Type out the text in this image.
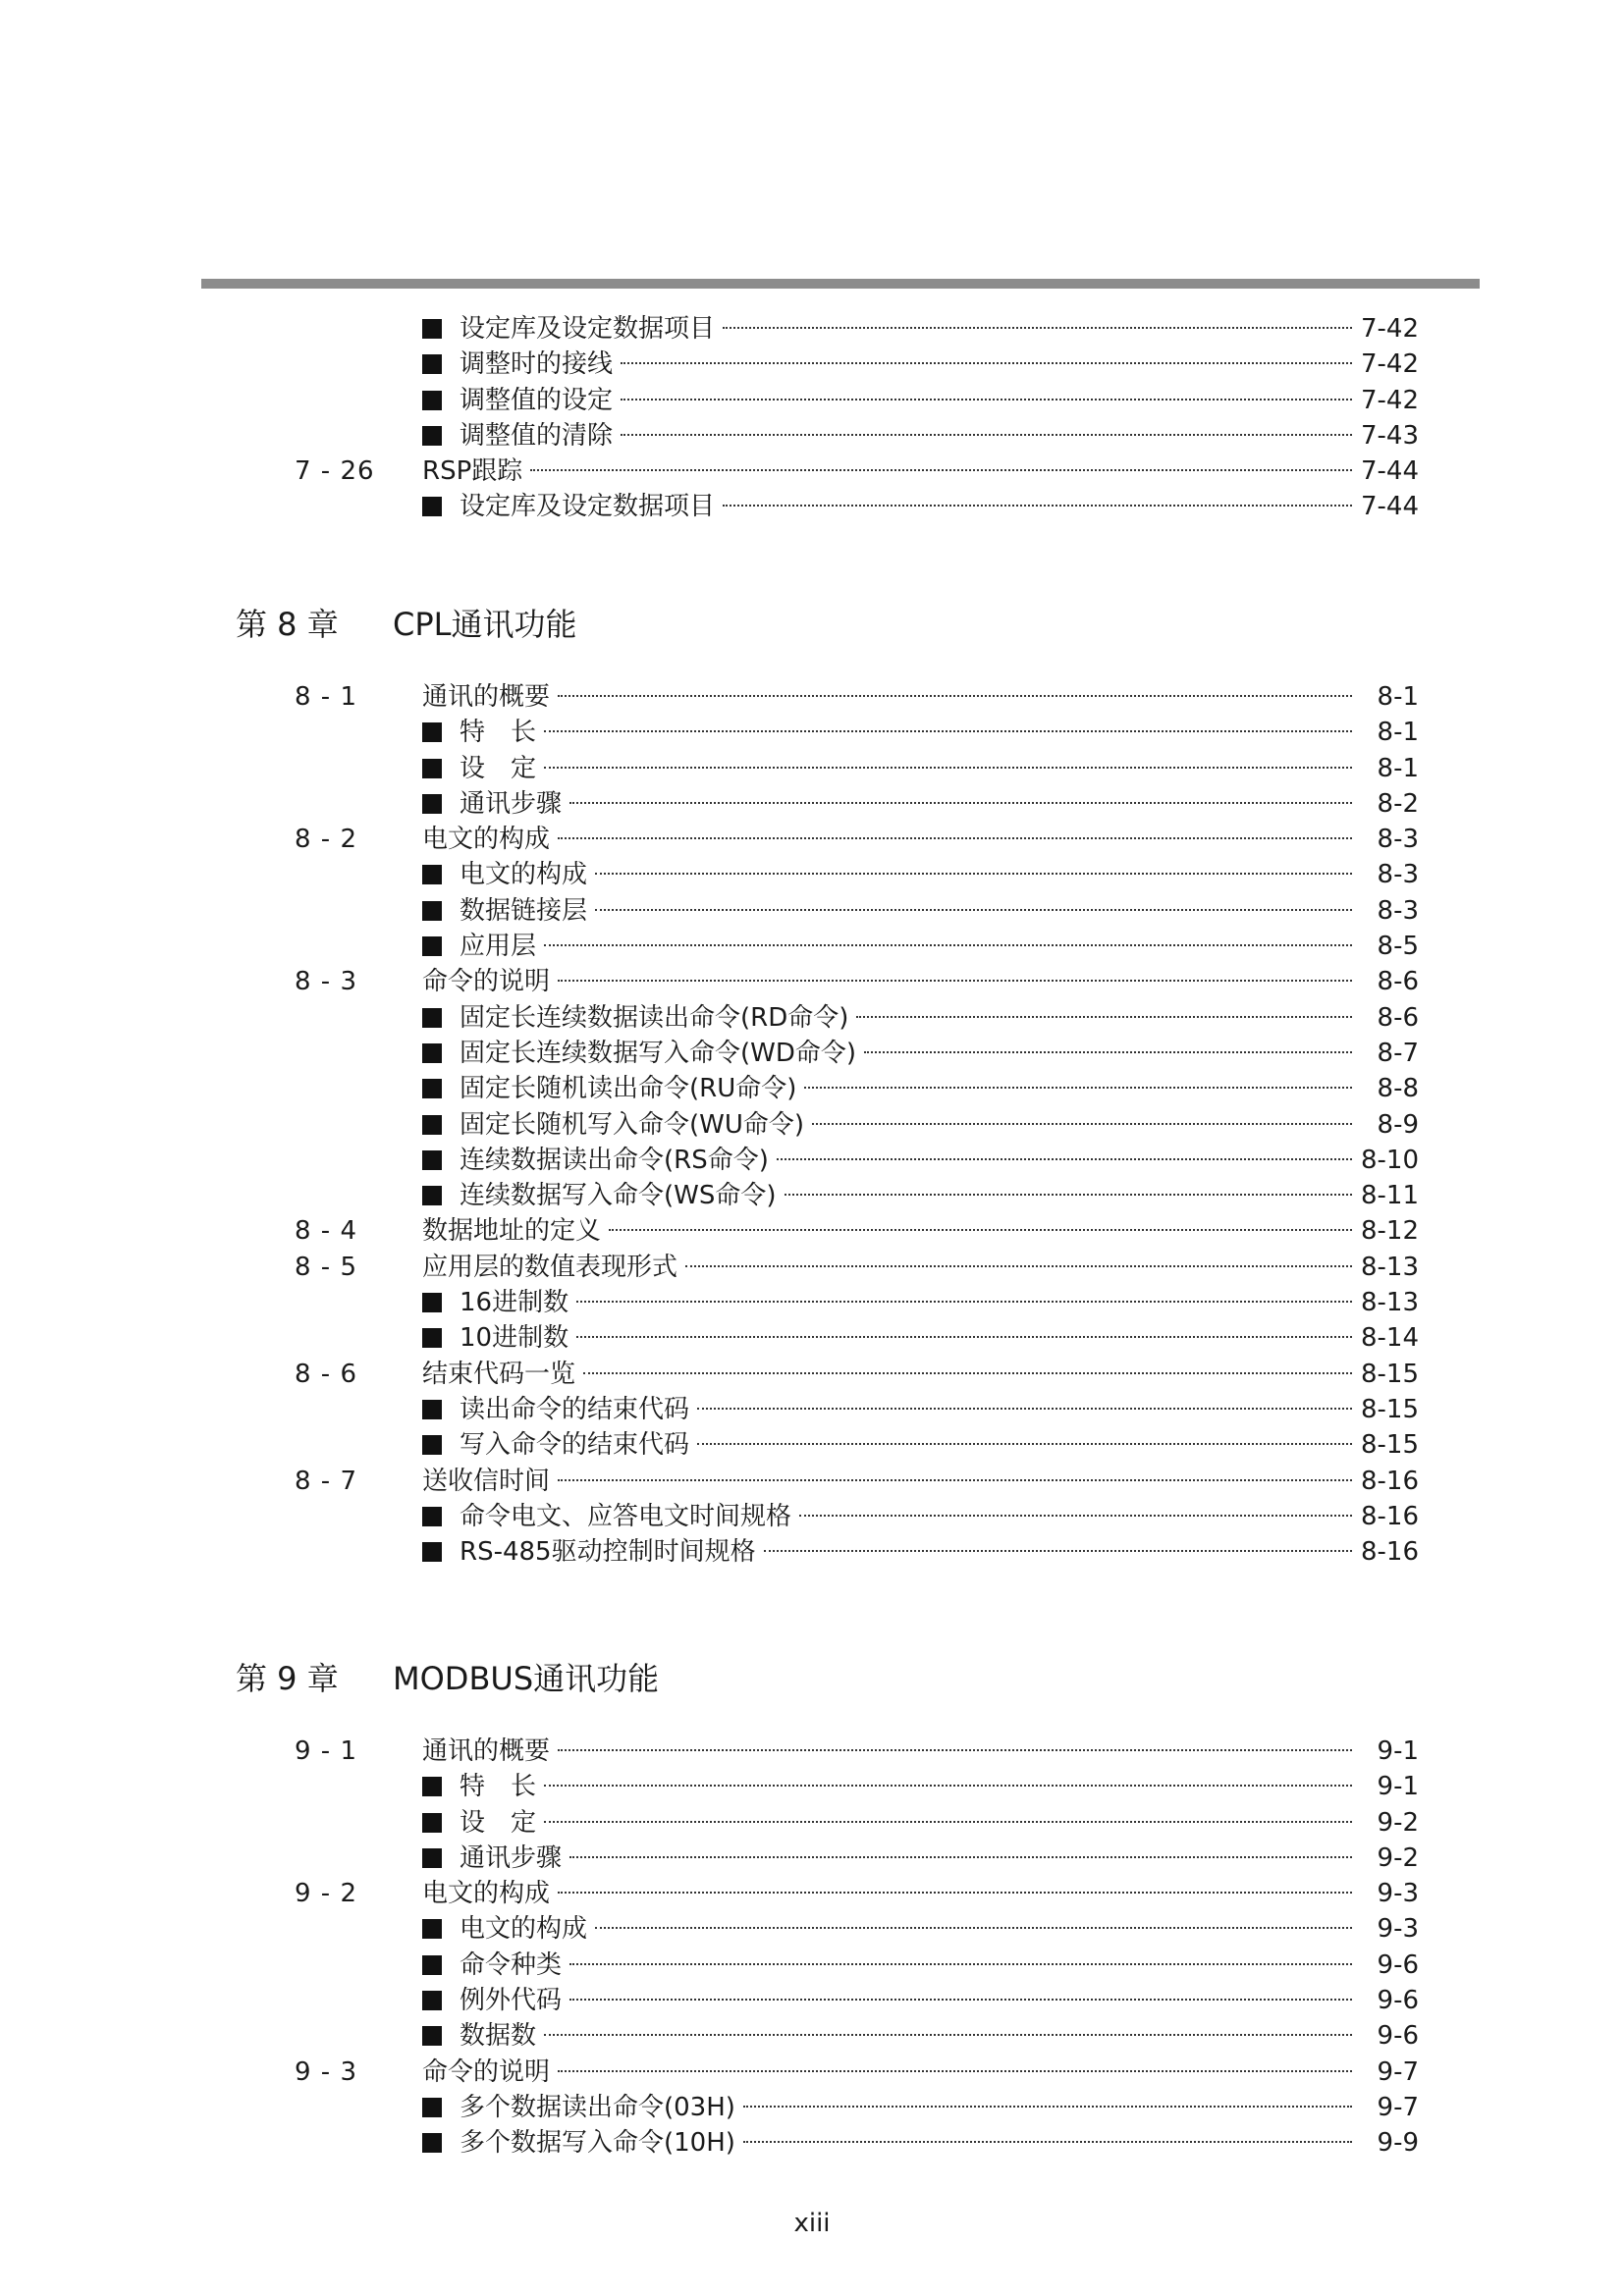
设定库及设定数据项目	7-42
调整时的接线	7-42
调整值的设定	7-42
调整值的清除	7-43
7 - 26	RSP跟踪	7-44
设定库及设定数据项目	7-44
第 8 章 CPL通讯功能
8 - 1	通讯的概要	8-1
特　长	8-1
设　定	8-1
通讯步骤	8-2
8 - 2	电文的构成	8-3
电文的构成	8-3
数据链接层	8-3
应用层	8-5
8 - 3	命令的说明	8-6
固定长连续数据读出命令(RD命令)	8-6
固定长连续数据写入命令(WD命令)	8-7
固定长随机读出命令(RU命令)	8-8
固定长随机写入命令(WU命令)	8-9
连续数据读出命令(RS命令)	8-10
连续数据写入命令(WS命令)	8-11
8 - 4	数据地址的定义	8-12
8 - 5	应用层的数值表现形式	8-13
16进制数	8-13
10进制数	8-14
8 - 6	结束代码一览	8-15
读出命令的结束代码	8-15
写入命令的结束代码	8-15
8 - 7	送收信时间	8-16
命令电文、应答电文时间规格	8-16
RS-485驱动控制时间规格	8-16
第 9 章 MODBUS通讯功能
9 - 1	通讯的概要	9-1
特　长	9-1
设　定	9-2
通讯步骤	9-2
9 - 2	电文的构成	9-3
电文的构成	9-3
命令种类	9-6
例外代码	9-6
数据数	9-6
9 - 3	命令的说明	9-7
多个数据读出命令(03H)	9-7
多个数据写入命令(10H)	9-9
xiii
